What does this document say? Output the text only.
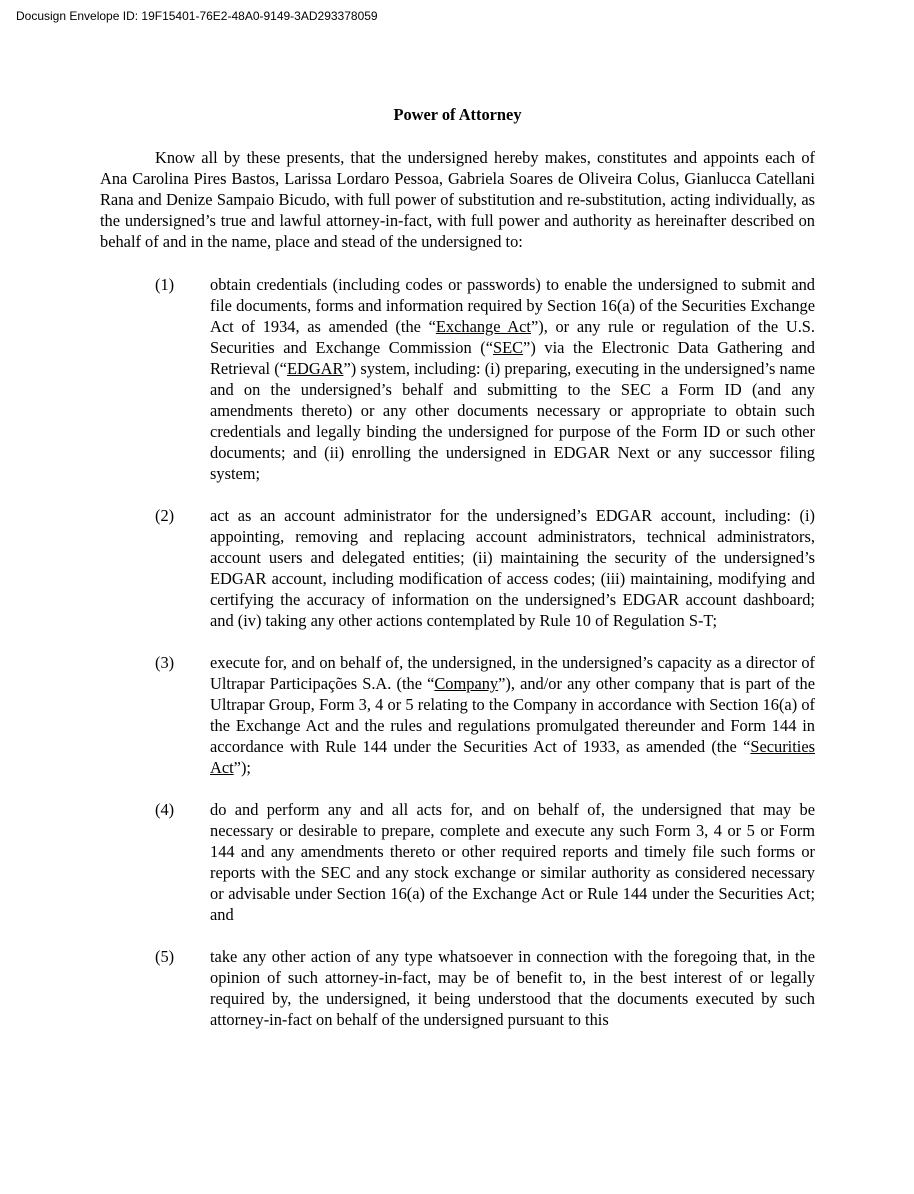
Docusign Envelope ID: 19F15401-76E2-48A0-9149-3AD293378059
Power of Attorney

Know all by these presents, that the undersigned hereby makes, constitutes and appoints each of Ana Carolina Pires Bastos, Larissa Lordaro Pessoa, Gabriela Soares de Oliveira Colus, Gianlucca Catellani Rana and Denize Sampaio Bicudo, with full power of substitution and re-substitution, acting individually, as the undersigned’s true and lawful attorney-in-fact, with full power and authority as hereinafter described on behalf of and in the name, place and stead of the undersigned to:

(1)	obtain credentials (including codes or passwords) to enable the undersigned to submit and file documents, forms and information required by Section 16(a) of the Securities Exchange Act of 1934, as amended (the “Exchange Act”), or any rule or regulation of the U.S. Securities and Exchange Commission (“SEC”) via the Electronic Data Gathering and Retrieval (“EDGAR”) system, including: (i) preparing, executing in the undersigned’s name and on the undersigned’s behalf and submitting to the SEC a Form ID (and any amendments thereto) or any other documents necessary or appropriate to obtain such credentials and legally binding the undersigned for purpose of the Form ID or such other documents; and (ii) enrolling the undersigned in EDGAR Next or any successor filing system;
(2)	act as an account administrator for the undersigned’s EDGAR account, including: (i) appointing, removing and replacing account administrators, technical administrators, account users and delegated entities; (ii) maintaining the security of the undersigned’s EDGAR account, including modification of access codes; (iii) maintaining, modifying and certifying the accuracy of information on the undersigned’s EDGAR account dashboard; and (iv) taking any other actions contemplated by Rule 10 of Regulation S-T;
(3)	execute for, and on behalf of, the undersigned, in the undersigned’s capacity as a director of Ultrapar Participações S.A. (the “Company”), and/or any other company that is part of the Ultrapar Group, Form 3, 4 or 5 relating to the Company in accordance with Section 16(a) of the Exchange Act and the rules and regulations promulgated thereunder and Form 144 in accordance with Rule 144 under the Securities Act of 1933, as amended (the “Securities Act”);
(4)	do and perform any and all acts for, and on behalf of, the undersigned that may be necessary or desirable to prepare, complete and execute any such Form 3, 4 or 5 or Form 144 and any amendments thereto or other required reports and timely file such forms or reports with the SEC and any stock exchange or similar authority as considered necessary or advisable under Section 16(a) of the Exchange Act or Rule 144 under the Securities Act; and
(5)	take any other action of any type whatsoever in connection with the foregoing that, in the opinion of such attorney-in-fact, may be of benefit to, in the best interest of or legally required by, the undersigned, it being understood that the documents executed by such attorney-in-fact on behalf of the undersigned pursuant to this
